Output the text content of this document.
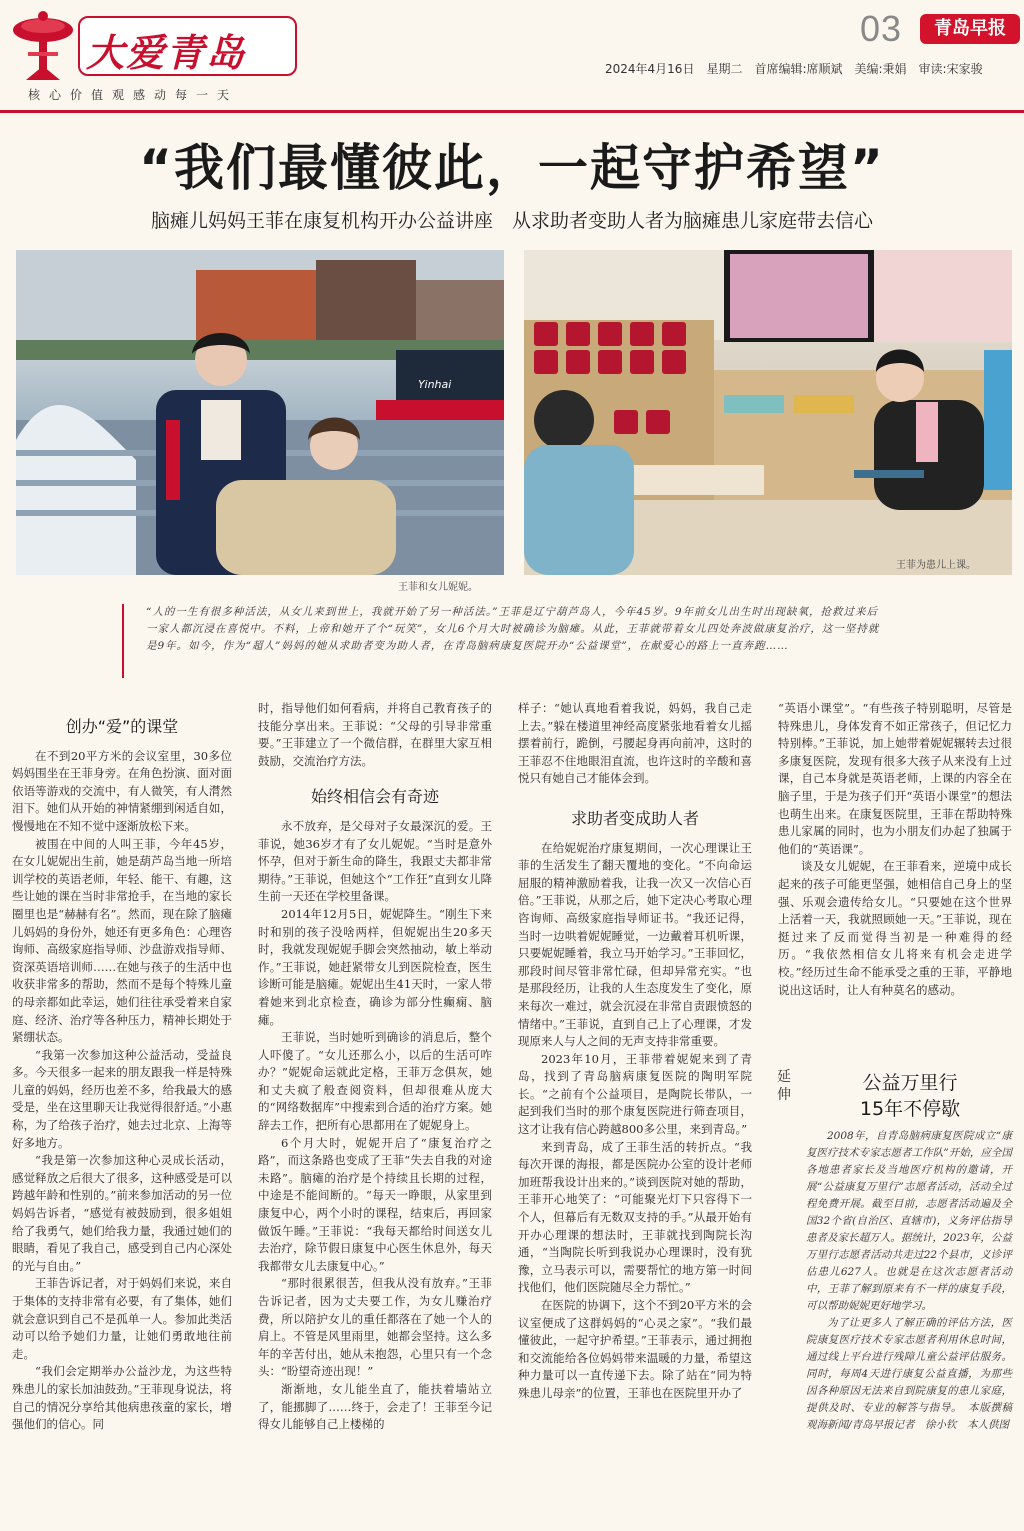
大爱青岛
核心价值观感动每一天
03	青岛早报
2024年4月16日　星期二　首席编辑:席顺斌　美编:秉娟　审读:宋家骏
“我们最懂彼此，一起守护希望”
脑瘫儿妈妈王菲在康复机构开办公益讲座　从求助者变助人者为脑瘫患儿家庭带去信心
Yinhai
王菲和女儿妮妮。
王菲为患儿上课。
“人的一生有很多种活法，从女儿来到世上，我就开始了另一种活法。”王菲是辽宁葫芦岛人，今年45岁。9年前女儿出生时出现缺氧，抢救过来后一家人都沉浸在喜悦中。不料，上帝和她开了个“玩笑”，女儿6个月大时被确诊为脑瘫。从此，王菲就带着女儿四处奔波做康复治疗，这一坚持就是9年。如今，作为“超人”妈妈的她从求助者变为助人者，在青岛脑病康复医院开办“公益课堂”，在献爱心的路上一直奔跑……
创办“爱”的课堂

在不到20平方米的会议室里，30多位妈妈围坐在王菲身旁。在角色扮演、面对面依语等游戏的交流中，有人微笑，有人潸然泪下。她们从开始的神情紧绷到闲适自如，慢慢地在不知不觉中逐渐放松下来。

被围在中间的人叫王菲，今年45岁，在女儿妮妮出生前，她是葫芦岛当地一所培训学校的英语老师，年轻、能干、有趣，这些让她的课在当时非常抢手，在当地的家长圈里也是“赫赫有名”。然而，现在除了脑瘫儿妈妈的身份外，她还有更多角色：心理咨询师、高级家庭指导师、沙盘游戏指导师、资深英语培训师……在她与孩子的生活中也收获非常多的帮助，然而不是每个特殊儿童的母亲都如此幸运，她们往往承受着来自家庭、经济、治疗等各种压力，精神长期处于紧绷状态。

“我第一次参加这种公益活动，受益良多。今天很多一起来的朋友跟我一样是特殊儿童的妈妈，经历也差不多，给我最大的感受是，坐在这里聊天让我觉得很舒适。”小惠称，为了给孩子治疗，她去过北京、上海等好多地方。

“我是第一次参加这种心灵成长活动，感觉释放之后很大了很多，这种感受是可以跨越年龄和性别的。”前来参加活动的另一位妈妈告诉者，“感觉有被鼓励到，很多姐姐给了我勇气，她们给我力量，我通过她们的眼睛，看见了我自己，感受到自己内心深处的光与自由。”

王菲告诉记者，对于妈妈们来说，来自于集体的支持非常有必要，有了集体，她们就会意识到自己不是孤单一人。参加此类活动可以给予她们力量，让她们勇敢地往前走。

“我们会定期举办公益沙龙，为这些特殊患儿的家长加油鼓劲。”王菲现身说法，将自己的情况分享给其他病患孩童的家长，增强他们的信心。同

时，指导他们如何看病，并将自己教育孩子的技能分享出来。王菲说：“父母的引导非常重要。”王菲建立了一个微信群，在群里大家互相鼓励，交流治疗方法。

始终相信会有奇迹

永不放弃，是父母对子女最深沉的爱。王菲说，她36岁才有了女儿妮妮。“当时是意外怀孕，但对于新生命的降生，我跟丈夫都非常期待。”王菲说，但她这个“工作狂”直到女儿降生前一天还在学校里备课。

2014年12月5日，妮妮降生。“刚生下来时和别的孩子没啥两样，但妮妮出生20多天时，我就发现妮妮手脚会突然抽动，敏上举动作。”王菲说，她赶紧带女儿到医院检查，医生诊断可能是脑瘫。妮妮出生41天时，一家人带着她来到北京检查，确诊为部分性癫痫、脑瘫。

王菲说，当时她听到确诊的消息后，整个人吓傻了。“女儿还那么小，以后的生活可咋办？”妮妮命运就此定格，王菲万念俱灰，她和丈夫疯了般查阅资料，但却很难从庞大的“网络数据库”中搜索到合适的治疗方案。她辞去工作，把所有心思都用在了妮妮身上。

6个月大时，妮妮开启了“康复治疗之路”，而这条路也变成了王菲“失去自我的对途未路”。脑瘫的治疗是个持续且长期的过程，中途是不能间断的。“每天一睁眼，从家里到康复中心，两个小时的课程，结束后，再回家做饭午睡。”王菲说：“我每天都给时间送女儿去治疗，除节假日康复中心医生休息外，每天我都带女儿去康复中心。”

“那时很累很苦，但我从没有放弃。”王菲告诉记者，因为丈夫要工作，为女儿赚治疗费，所以陪护女儿的重任都落在了她一个人的肩上。不管是风里雨里，她都会坚持。这么多年的辛苦付出，她从未抱怨，心里只有一个念头：“盼望奇迹出现！”

渐渐地，女儿能坐直了，能扶着墙站立了，能挪脚了……终于，会走了！王菲至今记得女儿能够自己上楼梯的

样子：“她认真地看着我说，妈妈，我自己走上去。”躲在楼道里神经高度紧张地看着女儿摇摆着前行，跪倒，弓腰起身再向前冲，这时的王菲忍不住地眼泪直流，也许这时的辛酸和喜悦只有她自己才能体会到。

求助者变成助人者

在给妮妮治疗康复期间，一次心理课让王菲的生活发生了翻天覆地的变化。“不向命运屈服的精神激励着我，让我一次又一次信心百倍。”王菲说，从那之后，她下定决心考取心理咨询师、高级家庭指导师证书。“我还记得，当时一边哄着妮妮睡觉，一边戴着耳机听课，只要妮妮睡着，我立马开始学习。”王菲回忆，那段时间尽管非常忙碌，但却异常充实。“也是那段经历，让我的人生态度发生了变化，原来每次一难过，就会沉浸在非常自责跟愤怒的情绪中。”王菲说，直到自己上了心理课，才发现原来人与人之间的无声支持非常重要。

2023年10月，王菲带着妮妮来到了青岛，找到了青岛脑病康复医院的陶明军院长。“之前有个公益项目，是陶院长带队，一起到我们当时的那个康复医院进行筛查项目，这才让我有信心跨越800多公里，来到青岛。”

来到青岛，成了王菲生活的转折点。“我每次开课的海报，都是医院办公室的设计老师加班帮我设计出来的。”谈到医院对她的帮助，王菲开心地笑了：“可能聚光灯下只容得下一个人，但幕后有无数双支持的手。”从最开始有开办心理课的想法时，王菲就找到陶院长沟通，“当陶院长听到我说办心理课时，没有犹豫，立马表示可以，需要帮忙的地方第一时间找他们，他们医院随尽全力帮忙。”

在医院的协调下，这个不到20平方米的会议室便成了这群妈妈的“心灵之家”。“我们最懂彼此，一起守护希望。”王菲表示，通过拥抱和交流能给各位妈妈带来温暖的力量，希望这种力量可以一直传递下去。除了站在“同为特殊患儿母亲”的位置，王菲也在医院里开办了

“英语小课堂”。“有些孩子特别聪明，尽管是特殊患儿，身体发育不如正常孩子，但记忆力特别棒。”王菲说，加上她带着妮妮辗转去过很多康复医院，发现有很多大孩子从来没有上过课，自己本身就是英语老师，上课的内容全在脑子里，于是为孩子们开“英语小课堂”的想法也萌生出来。在康复医院里，王菲在帮助特殊患儿家属的同时，也为小朋友们办起了独属于他们的“英语课”。

谈及女儿妮妮，在王菲看来，逆境中成长起来的孩子可能更坚强，她相信自己身上的坚强、乐观会遗传给女儿。“只要她在这个世界上活着一天，我就照顾她一天。”王菲说，现在挺过来了反而觉得当初是一种难得的经历。“我依然相信女儿将来有机会走进学校。”经历过生命不能承受之重的王菲，平静地说出这话时，让人有种莫名的感动。

延伸
公益万里行
15年不停歇

2008年，自青岛脑病康复医院成立“康复医疗技术专家志愿者工作队”开始，应全国各地患者家长及当地医疗机构的邀请，开展“公益康复万里行”志愿者活动，活动全过程免费开展。截至目前，志愿者活动遍及全国32个省(自治区、直辖市)，义务评估指导患者及家长超万人。据统计，2023年，公益万里行志愿者活动共走过22个县市，义诊评估患儿627人。也就是在这次志愿者活动中，王菲了解到原来有不一样的康复手段，可以帮助妮妮更好地学习。

为了让更多人了解正确的评估方法，医院康复医疗技术专家志愿者利用休息时间，通过线上平台进行残障儿童公益评估服务。同时，每周4天进行康复公益直播，为那些因各种原因无法来自到院康复的患儿家庭，提供及时、专业的解答与指导。　本版撰稿　观海新闻/青岛早报记者　徐小钦　本人供图
